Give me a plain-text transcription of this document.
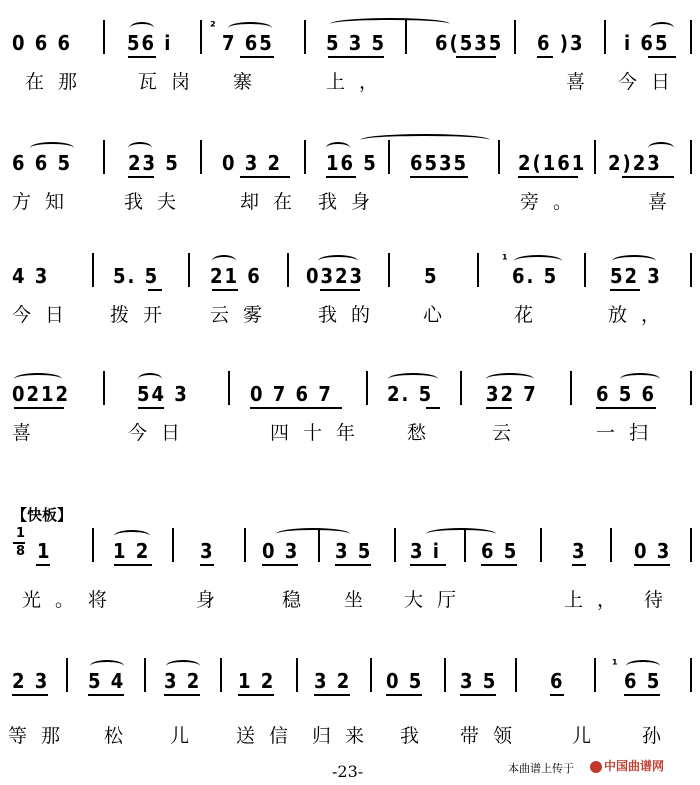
0 6 6	56 i
²
7 65	5 3 5 6(535 6 )3 i 65
在那 瓦岗 寨	上，	喜 今日
6 6 5	23 5 0 3 2 16 5 6535 2(161 2)23
方知 我夫	却在 我身	旁。	喜
4 3	5. 5	21 6 0323	5
¹
6. 5	52 3
今日 拨开 云雾 我的 心	花	放，
0212	54 3	0 7 6 7	2. 5	32 7	6 5 6
喜	今日	四十年 愁	云	一扫
【快板】
1
8 1	1 2 3 0 3 3 5 3 i 6 5	3 0 3
光。将	身	稳 坐 大厅	上， 待
2 3 5 4 3 2 1 2 3 2 0 5 3 5	6
¹
6 5
等那 松 儿 送信 归来 我 带领 儿 孙
-23-	本曲谱上传于	中国曲谱网
